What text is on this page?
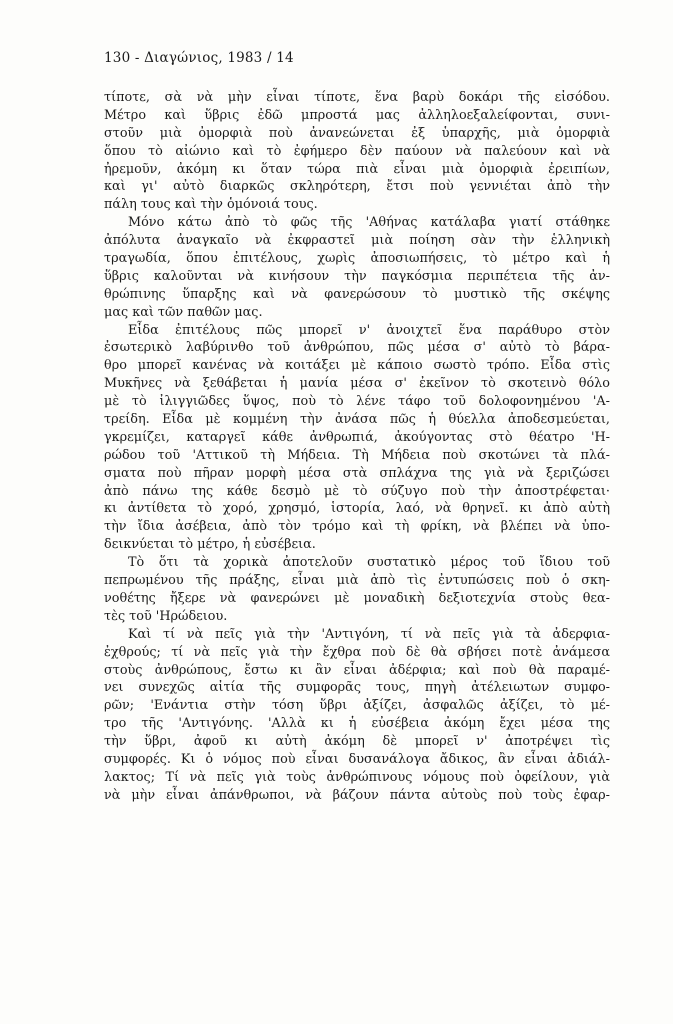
130 - Διαγώνιος, 1983 / 14
τίποτε, σὰ νὰ μὴν εἶναι τίποτε, ἕνα βαρὺ δοκάρι τῆς εἰσόδου.
Μέτρο καὶ ὕβρις ἐδῶ μπροστά μας ἀλληλοεξαλείφονται, συνι-
στοῦν μιὰ ὀμορφιὰ ποὺ ἀνανεώνεται ἐξ ὑπαρχῆς, μιὰ ὀμορφιὰ
ὅπου τὸ αἰώνιο καὶ τὸ ἐφήμερο δὲν παύουν νὰ παλεύουν καὶ νὰ
ἠρεμοῦν, ἀκόμη κι ὅταν τώρα πιὰ εἶναι μιὰ ὀμορφιὰ ἐρειπίων,
καὶ γι' αὐτὸ διαρκῶς σκληρότερη, ἔτσι ποὺ γεννιέται ἀπὸ τὴν
πάλη τους καὶ τὴν ὁμόνοιά τους.
Μόνο κάτω ἀπὸ τὸ φῶς τῆς 'Αθήνας κατάλαβα γιατί στάθηκε
ἀπόλυτα ἀναγκαῖο νὰ ἐκφραστεῖ μιὰ ποίηση σὰν τὴν ἑλληνικὴ
τραγωδία, ὅπου ἐπιτέλους, χωρὶς ἀποσιωπήσεις, τὸ μέτρο καὶ ἡ
ὕβρις καλοῦνται νὰ κινήσουν τὴν παγκόσμια περιπέτεια τῆς ἀν-
θρώπινης ὕπαρξης καὶ νὰ φανερώσουν τὸ μυστικὸ τῆς σκέψης
μας καὶ τῶν παθῶν μας.
Εἶδα ἐπιτέλους πῶς μπορεῖ ν' ἀνοιχτεῖ ἕνα παράθυρο στὸν
ἐσωτερικὸ λαβύρινθο τοῦ ἀνθρώπου, πῶς μέσα σ' αὐτὸ τὸ βάρα-
θρο μπορεῖ κανένας νὰ κοιτάξει μὲ κάποιο σωστὸ τρόπο. Εἶδα στὶς
Μυκῆνες νὰ ξεθάβεται ἡ μανία μέσα σ' ἐκεῖνον τὸ σκοτεινὸ θόλο
μὲ τὸ ἰλιγγιῶδες ὕψος, ποὺ τὸ λένε τάφο τοῦ δολοφονημένου 'Α-
τρείδη. Εἶδα μὲ κομμένη τὴν ἀνάσα πῶς ἡ θύελλα ἀποδεσμεύεται,
γκρεμίζει, καταργεῖ κάθε ἀνθρωπιά, ἀκούγοντας στὸ θέατρο 'Η-
ρώδου τοῦ 'Αττικοῦ τὴ Μήδεια. Τὴ Μήδεια ποὺ σκοτώνει τὰ πλά-
σματα ποὺ πῆραν μορφὴ μέσα στὰ σπλάχνα της γιὰ νὰ ξεριζώσει
ἀπὸ πάνω της κάθε δεσμὸ μὲ τὸ σύζυγο ποὺ τὴν ἀποστρέφεται·
κι ἀντίθετα τὸ χορό, χρησμό, ἱστορία, λαό, νὰ θρηνεῖ. κι ἀπὸ αὐτὴ
τὴν ἴδια ἀσέβεια, ἀπὸ τὸν τρόμο καὶ τὴ φρίκη, νὰ βλέπει νὰ ὑπο-
δεικνύεται τὸ μέτρο, ἡ εὐσέβεια.
Τὸ ὅτι τὰ χορικὰ ἀποτελοῦν συστατικὸ μέρος τοῦ ἴδιου τοῦ
πεπρωμένου τῆς πράξης, εἶναι μιὰ ἀπὸ τὶς ἐντυπώσεις ποὺ ὁ σκη-
νοθέτης ἤξερε νὰ φανερώνει μὲ μοναδικὴ δεξιοτεχνία στοὺς θεα-
τὲς τοῦ 'Ηρώδειου.
Καὶ τί νὰ πεῖς γιὰ τὴν 'Αντιγόνη, τί νὰ πεῖς γιὰ τὰ ἀδερφια-
ἐχθρούς; τί νὰ πεῖς γιὰ τὴν ἔχθρα ποὺ δὲ θὰ σβήσει ποτὲ ἀνάμεσα
στοὺς ἀνθρώπους, ἔστω κι ἂν εἶναι ἀδέρφια; καὶ ποὺ θὰ παραμέ-
νει συνεχῶς αἰτία τῆς συμφορᾶς τους, πηγὴ ἀτέλειωτων συμφο-
ρῶν; 'Ενάντια στὴν τόση ὕβρι ἀξίζει, ἀσφαλῶς ἀξίζει, τὸ μέ-
τρο τῆς 'Αντιγόνης. 'Αλλὰ κι ἡ εὐσέβεια ἀκόμη ἔχει μέσα της
τὴν ὕβρι, ἀφοῦ κι αὐτὴ ἀκόμη δὲ μπορεῖ ν' ἀποτρέψει τὶς
συμφορές. Κι ὁ νόμος ποὺ εἶναι δυσανάλογα ἄδικος, ἂν εἶναι ἀδιάλ-
λακτος; Τί νὰ πεῖς γιὰ τοὺς ἀνθρώπινους νόμους ποὺ ὀφείλουν, γιὰ
νὰ μὴν εἶναι ἀπάνθρωποι, νὰ βάζουν πάντα αὐτοὺς ποὺ τοὺς ἐφαρ-
